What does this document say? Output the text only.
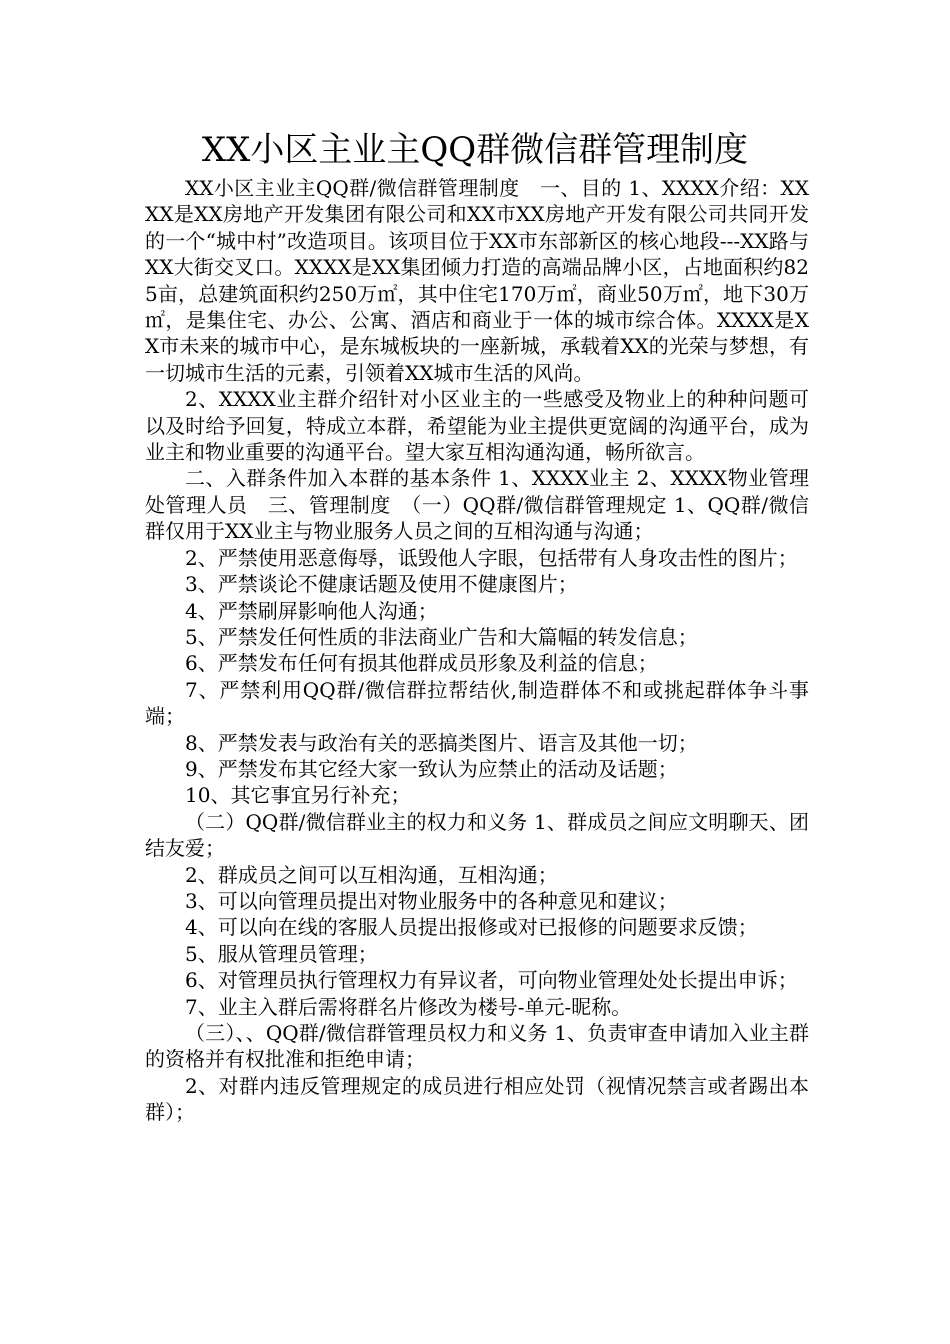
XX小区主业主QQ群微信群管理制度

XX小区主业主QQ群/微信群管理制度　一、目的 1、XXXX介绍：XXXX是XX房地产开发集团有限公司和XX市XX房地产开发有限公司共同开发的一个“城中村”改造项目。该项目位于XX市东部新区的核心地段---XX路与XX大街交叉口。XXXX是XX集团倾力打造的高端品牌小区，占地面积约825亩，总建筑面积约250万㎡，其中住宅170万㎡，商业50万㎡，地下30万㎡，是集住宅、办公、公寓、酒店和商业于一体的城市综合体。XXXX是XX市未来的城市中心，是东城板块的一座新城，承载着XX的光荣与梦想，有一切城市生活的元素，引领着XX城市生活的风尚。

2、XXXX业主群介绍针对小区业主的一些感受及物业上的种种问题可以及时给予回复，特成立本群，希望能为业主提供更宽阔的沟通平台，成为业主和物业重要的沟通平台。望大家互相沟通沟通，畅所欲言。

二、入群条件加入本群的基本条件 1、XXXX业主 2、XXXX物业管理处管理人员　三、管理制度　（一）QQ群/微信群管理规定 1、QQ群/微信群仅用于XX业主与物业服务人员之间的互相沟通与沟通；

2、严禁使用恶意侮辱，诋毁他人字眼，包括带有人身攻击性的图片；

3、严禁谈论不健康话题及使用不健康图片；

4、严禁刷屏影响他人沟通；

5、严禁发任何性质的非法商业广告和大篇幅的转发信息；

6、严禁发布任何有损其他群成员形象及利益的信息；

7、严禁利用QQ群/微信群拉帮结伙,制造群体不和或挑起群体争斗事端；

8、严禁发表与政治有关的恶搞类图片、语言及其他一切；

9、严禁发布其它经大家一致认为应禁止的活动及话题；

10、其它事宜另行补充；

（二）QQ群/微信群业主的权力和义务 1、群成员之间应文明聊天、团结友爱；

2、群成员之间可以互相沟通，互相沟通；

3、可以向管理员提出对物业服务中的各种意见和建议；

4、可以向在线的客服人员提出报修或对已报修的问题要求反馈；

5、服从管理员管理；

6、对管理员执行管理权力有异议者，可向物业管理处处长提出申诉；

7、业主入群后需将群名片修改为楼号-单元-昵称。

（三）、、QQ群/微信群管理员权力和义务 1、负责审查申请加入业主群的资格并有权批准和拒绝申请；

2、对群内违反管理规定的成员进行相应处罚（视情况禁言或者踢出本群）；
